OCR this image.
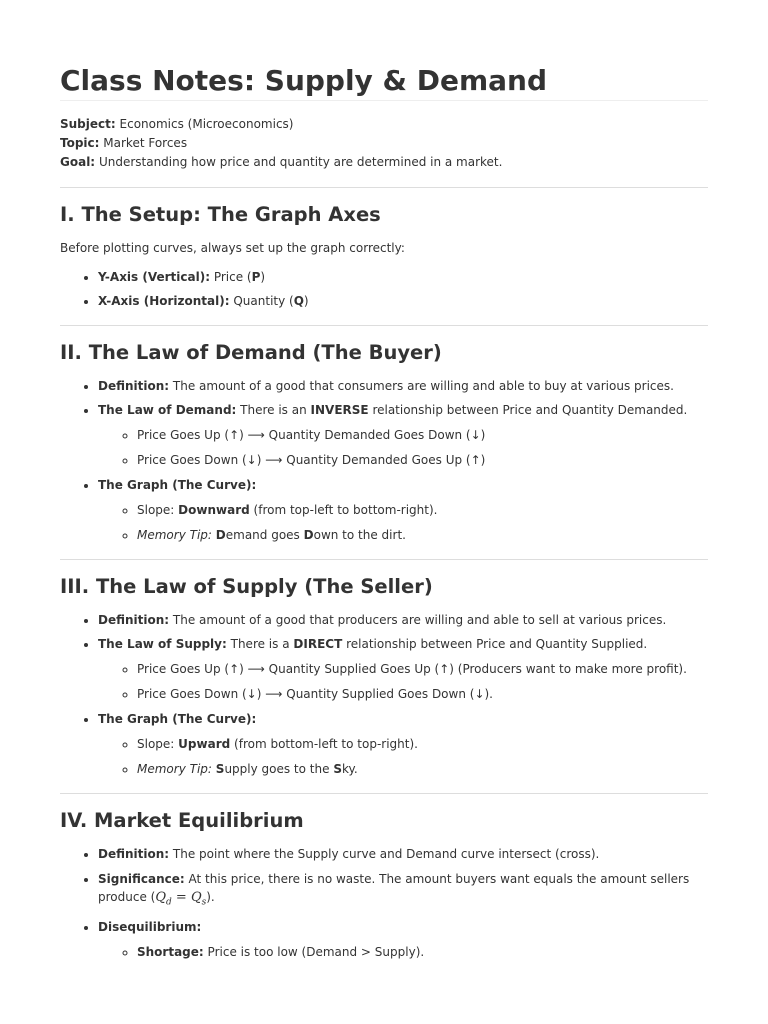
Class Notes: Supply & Demand
Subject: Economics (Microeconomics)
Topic: Market Forces
Goal: Understanding how price and quantity are determined in a market.
I. The Setup: The Graph Axes

Before plotting curves, always set up the graph correctly:

• Y-Axis (Vertical): Price (P)
• X-Axis (Horizontal): Quantity (Q)
II. The Law of Demand (The Buyer)
• Definition: The amount of a good that consumers are willing and able to buy at various prices.
• The Law of Demand: There is an INVERSE relationship between Price and Quantity Demanded.
◦ Price Goes Up (↑) ⟶ Quantity Demanded Goes Down (↓)
◦ Price Goes Down (↓) ⟶ Quantity Demanded Goes Up (↑)
• The Graph (The Curve):
◦ Slope: Downward (from top-left to bottom-right).
◦ Memory Tip: Demand goes Down to the dirt.
III. The Law of Supply (The Seller)
• Definition: The amount of a good that producers are willing and able to sell at various prices.
• The Law of Supply: There is a DIRECT relationship between Price and Quantity Supplied.
◦ Price Goes Up (↑) ⟶ Quantity Supplied Goes Up (↑) (Producers want to make more profit).
◦ Price Goes Down (↓) ⟶ Quantity Supplied Goes Down (↓).
• The Graph (The Curve):
◦ Slope: Upward (from bottom-left to top-right).
◦ Memory Tip: Supply goes to the Sky.
IV. Market Equilibrium
• Definition: The point where the Supply curve and Demand curve intersect (cross).
• Significance: At this price, there is no waste. The amount buyers want equals the amount sellers produce $(Q_d = Q_s)$.
• Disequilibrium:
◦ Shortage: Price is too low (Demand > Supply).
